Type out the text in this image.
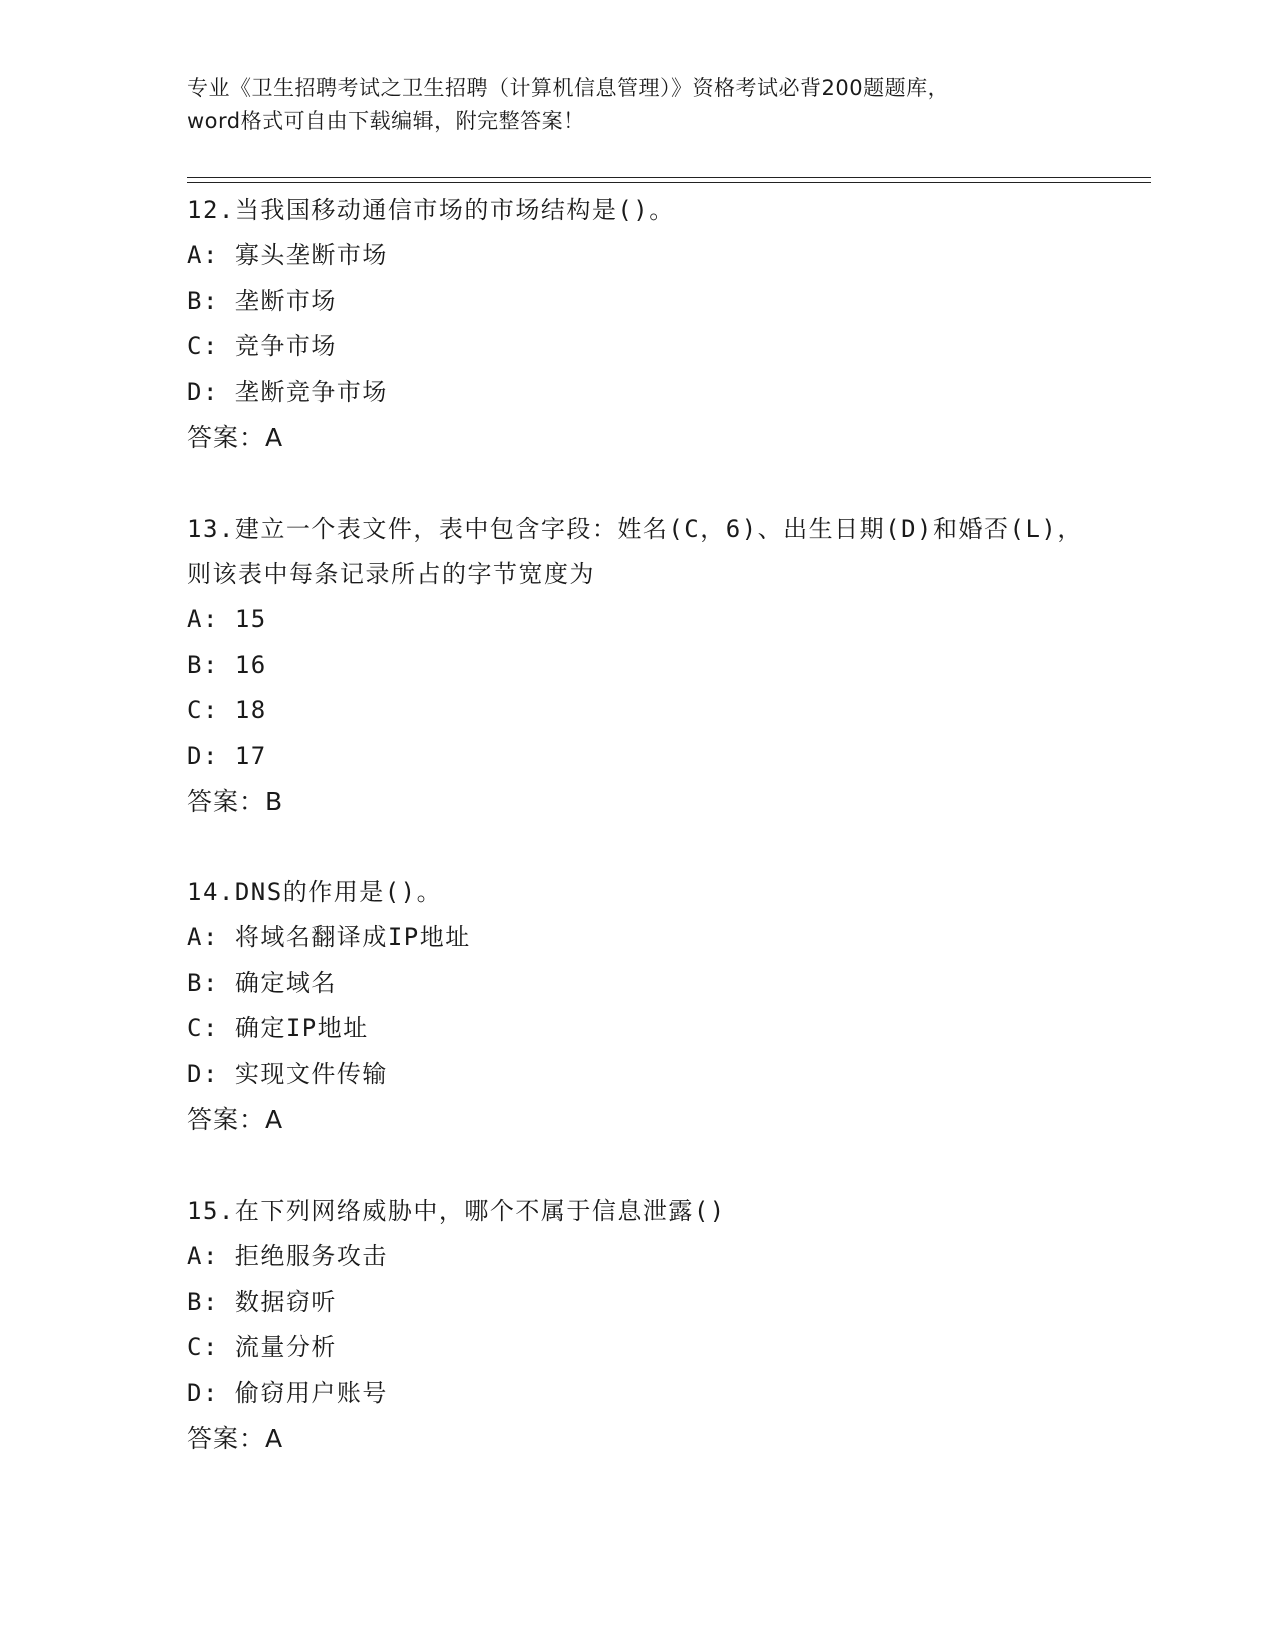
专业《卫生招聘考试之卫生招聘（计算机信息管理）》资格考试必背200题题库，
word格式可自由下载编辑，附完整答案！
12.当我国移动通信市场的市场结构是()。
A: 寡头垄断市场
B: 垄断市场
C: 竞争市场
D: 垄断竞争市场
答案：A
13.建立一个表文件，表中包含字段：姓名(C，6)、出生日期(D)和婚否(L)，则该表中每条记录所占的字节宽度为
A: 15
B: 16
C: 18
D: 17
答案：B
14.DNS的作用是()。
A: 将域名翻译成IP地址
B: 确定域名
C: 确定IP地址
D: 实现文件传输
答案：A
15.在下列网络威胁中，哪个不属于信息泄露()
A: 拒绝服务攻击
B: 数据窃听
C: 流量分析
D: 偷窃用户账号
答案：A
